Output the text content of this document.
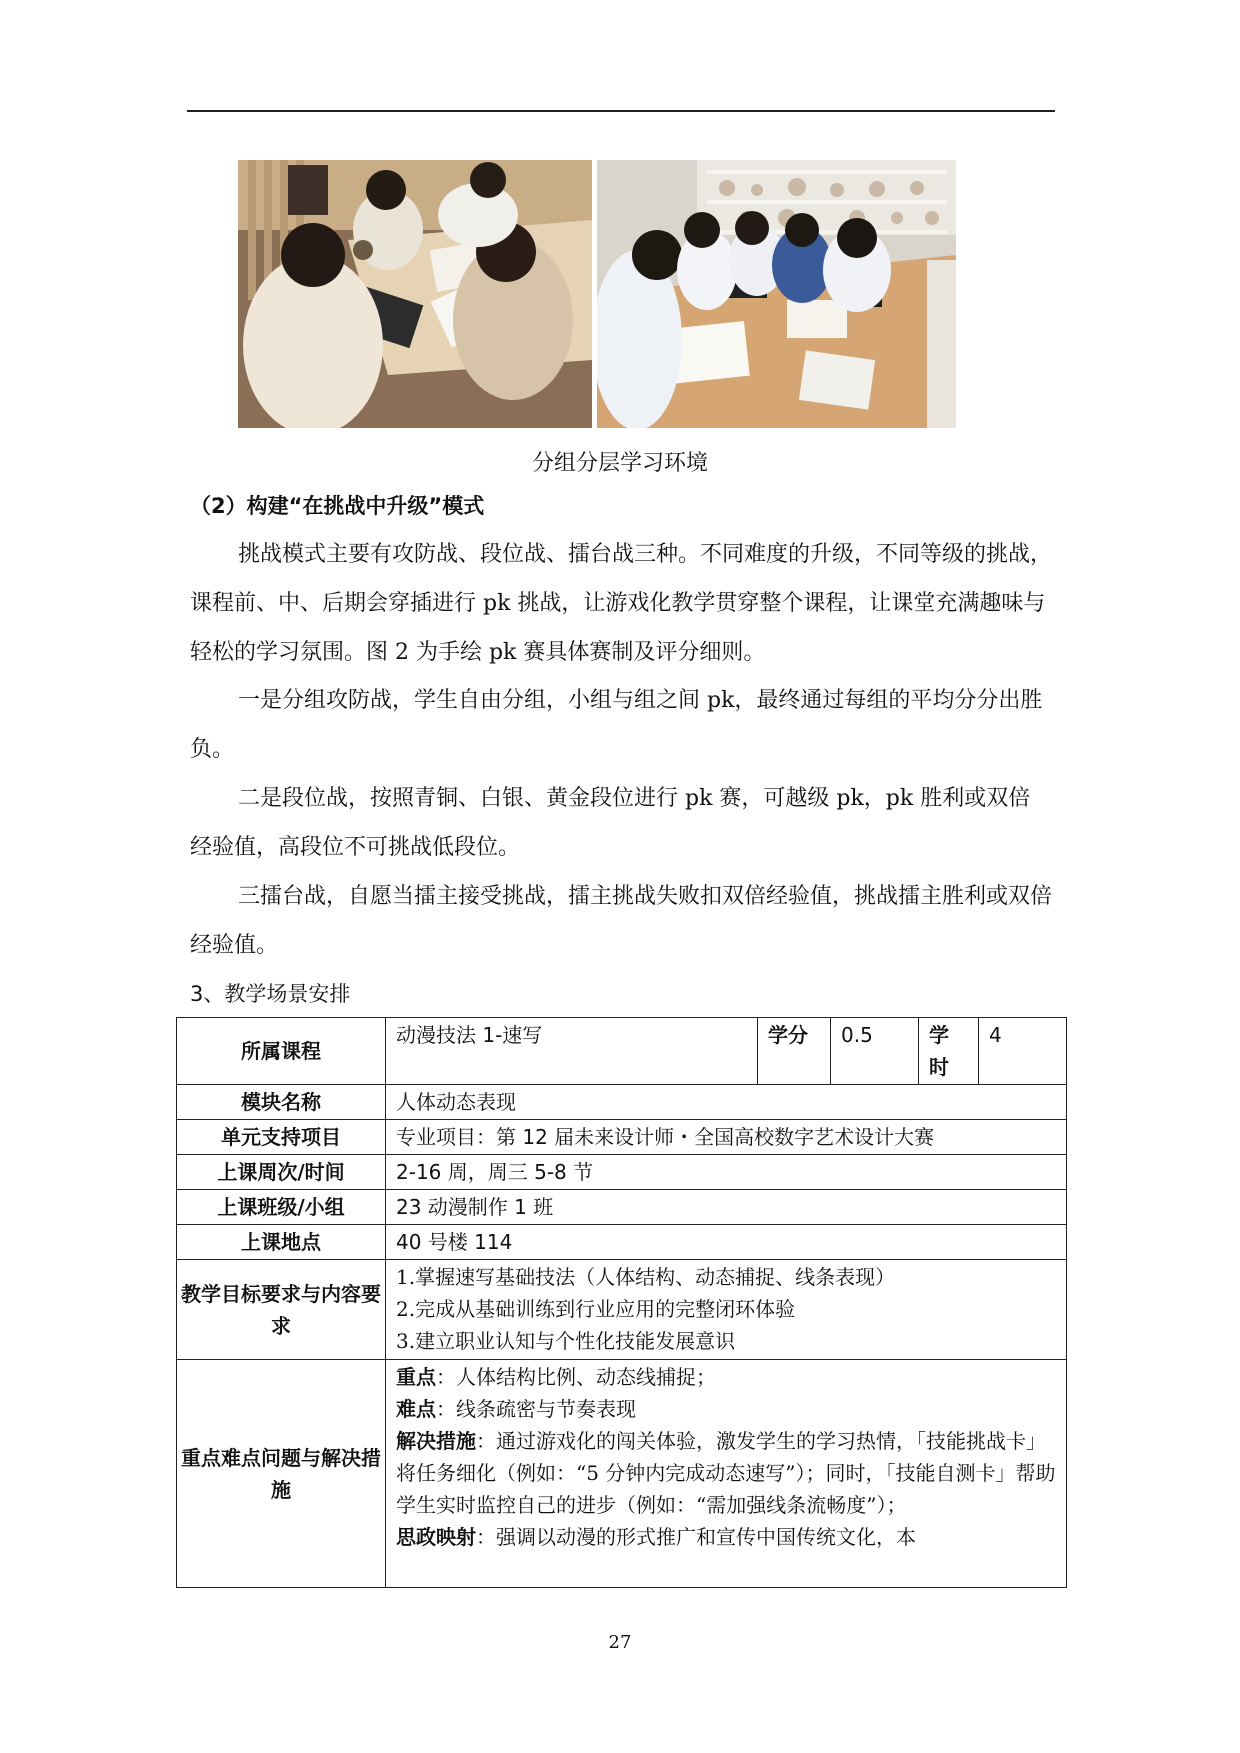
分组分层学习环境
（2）构建“在挑战中升级”模式

挑战模式主要有攻防战、段位战、擂台战三种。不同难度的升级，不同等级的挑战，课程前、中、后期会穿插进行 pk 挑战，让游戏化教学贯穿整个课程，让课堂充满趣味与轻松的学习氛围。图 2 为手绘 pk 赛具体赛制及评分细则。

一是分组攻防战，学生自由分组，小组与组之间 pk，最终通过每组的平均分分出胜负。

二是段位战，按照青铜、白银、黄金段位进行 pk 赛，可越级 pk，pk 胜利或双倍经验值，高段位不可挑战低段位。

三擂台战，自愿当擂主接受挑战，擂主挑战失败扣双倍经验值，挑战擂主胜利或双倍经验值。

3、教学场景安排
所属课程	动漫技法 1-速写	学分	0.5	学时	4
模块名称	人体动态表现				
单元支持项目	专业项目：第 12 届未来设计师・全国高校数字艺术设计大赛				
上课周次/时间	2-16 周，周三 5-8 节				
上课班级/小组	23 动漫制作 1 班				
上课地点	40 号楼 114				
教学目标要求与内容要求	1.掌握速写基础技法（人体结构、动态捕捉、线条表现）
2.完成从基础训练到行业应用的完整闭环体验
3.建立职业认知与个性化技能发展意识				

重点难点问题与解决措施	重点：人体结构比例、动态线捕捉；
难点：线条疏密与节奏表现
解决措施：通过游戏化的闯关体验，激发学生的学习热情，「技能挑战卡」将任务细化（例如：“5 分钟内完成动态速写”）；同时，「技能自测卡」帮助学生实时监控自己的进步（例如：“需加强线条流畅度”）；
思政映射：强调以动漫的形式推广和宣传中国传统文化，本				
27
